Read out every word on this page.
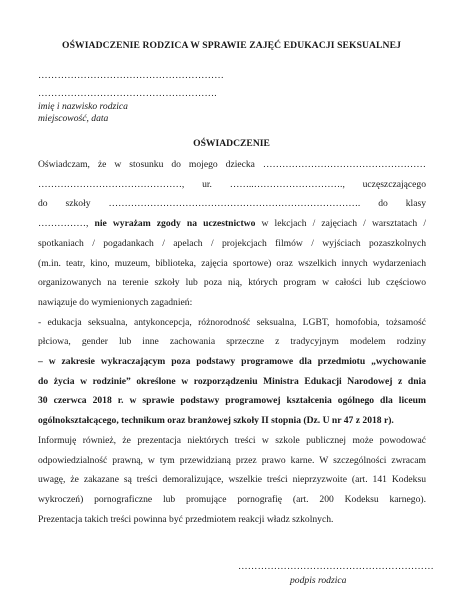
OŚWIADCZENIE RODZICA W SPRAWIE ZAJĘĆ EDUKACJI SEKSUALNEJ
…………………………………………………
……………………………………………….
imię i nazwisko rodzica
miejscowość, data
OŚWIADCZENIE
Oświadczam, że w stosunku do mojego dziecka ……………………………………………
………………………………………, ur. ……..………………………., uczęszczającego
do szkoły ……………………………………………………………………. do klasy
……………, nie wyrażam zgody na uczestnictwo w lekcjach / zajęciach / warsztatach /
spotkaniach / pogadankach / apelach / projekcjach filmów / wyjściach pozaszkolnych
(m.in. teatr, kino, muzeum, biblioteka, zajęcia sportowe) oraz wszelkich innych wydarzeniach
organizowanych na terenie szkoły lub poza nią, których program w całości lub częściowo
nawiązuje do wymienionych zagadnień:
- edukacja seksualna, antykoncepcja, różnorodność seksualna, LGBT, homofobia, tożsamość
płciowa, gender lub inne zachowania sprzeczne z tradycyjnym modelem rodziny
– w zakresie wykraczającym poza podstawy programowe dla przedmiotu „wychowanie
do życia w rodzinie” określone w rozporządzeniu Ministra Edukacji Narodowej z dnia
30 czerwca 2018 r. w sprawie podstawy programowej kształcenia ogólnego dla liceum
ogólnokształcącego, technikum oraz branżowej szkoły II stopnia (Dz. U nr 47 z 2018 r).
Informuję również, że prezentacja niektórych treści w szkole publicznej może powodować
odpowiedzialność prawną, w tym przewidzianą przez prawo karne. W szczególności zwracam
uwagę, że zakazane są treści demoralizujące, wszelkie treści nieprzyzwoite (art. 141 Kodeksu
wykroczeń) pornograficzne lub promujące pornografię (art. 200 Kodeksu karnego).
Prezentacja takich treści powinna być przedmiotem reakcji władz szkolnych.
……………………………………………………
podpis rodzica
